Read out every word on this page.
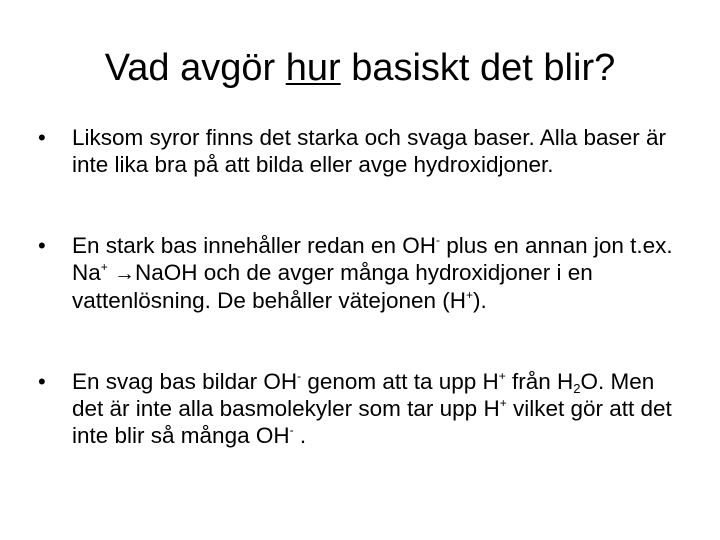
Vad avgör hur basiskt det blir?
• Liksom syror finns det starka och svaga baser. Alla baser är inte lika bra på att bilda eller avge hydroxidjoner.
• En stark bas innehåller redan en OH- plus en annan jon t.ex. Na+ →NaOH och de avger många hydroxidjoner i en vattenlösning. De behåller vätejonen (H+).
• En svag bas bildar OH- genom att ta upp H+ från $H_2O$. Men det är inte alla basmolekyler som tar upp H+ vilket gör att det inte blir så många OH- .
